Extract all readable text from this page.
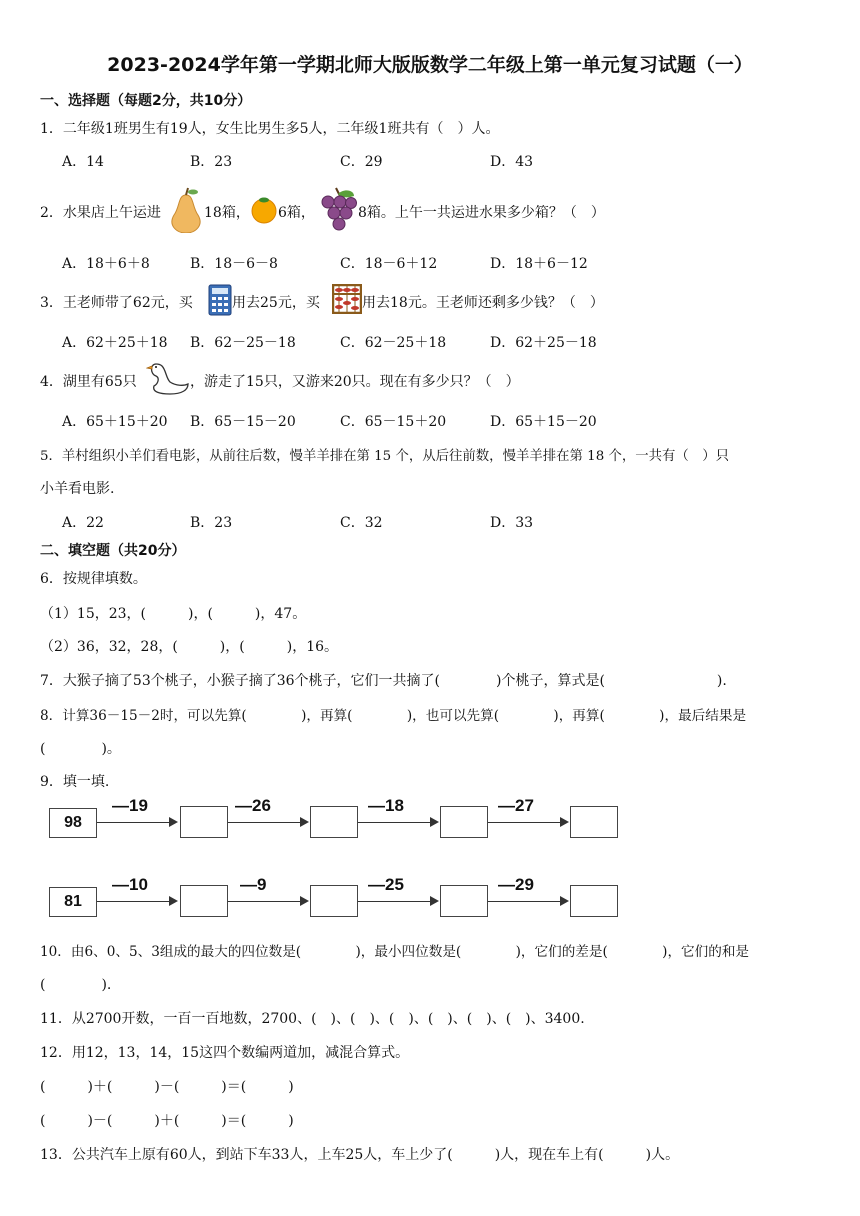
2023-2024学年第一学期北师大版版数学二年级上第一单元复习试题（一）
一、选择题（每题2分，共10分）
1．二年级1班男生有19人，女生比男生多5人，二年级1班共有（　）人。
A．14	B．23	C．29	D．43
2．水果店上午运进	18箱， 6箱，	8箱。上午一共运进水果多少箱？（　）
A．18＋6＋8	B．18－6－8	C．18－6＋12	D．18＋6－12
3．王老师带了62元，买	用去25元，买	用去18元。王老师还剩多少钱？（　）
A．62＋25＋18 B．62－25－18	C．62－25＋18	D．62＋25－18
4．湖里有65只	，游走了15只，又游来20只。现在有多少只？（　）
A．65＋15＋20 B．65－15－20	C．65－15＋20	D．65＋15－20
5．羊村组织小羊们看电影，从前往后数，慢羊羊排在第 15 个，从后往前数，慢羊羊排在第 18 个，一共有（　）只
小羊看电影.
A．22	B．23	C．32	D．33
二、填空题（共20分）
6．按规律填数。
（1）15，23，(　　　)，(　　　)，47。
（2）36，32，28，(　　　)，(　　　)，16。
7．大猴子摘了53个桃子，小猴子摘了36个桃子，它们一共摘了(　　　　)个桃子，算式是(　　　　　　　　).
8．计算36－15－2时，可以先算(　　　　)，再算(　　　　)，也可以先算(　　　　)，再算(　　　　)，最后结果是
(　　　　)。
9．填一填.
98
—19	—26	—18	—27
81
—10	—9	—25	—29
10．由6、0、5、3组成的最大的四位数是(　　　　)，最小四位数是(　　　　)，它们的差是(　　　　)，它们的和是
(　　　　).
11．从2700开数，一百一百地数，2700、(　)、(　)、(　)、(　)、(　)、(　)、3400.
12．用12，13，14，15这四个数编两道加，减混合算式。
(　　　)＋(　　　)－(　　　)＝(　　　)
(　　　)－(　　　)＋(　　　)＝(　　　)
13．公共汽车上原有60人，到站下车33人，上车25人，车上少了(　　　)人，现在车上有(　　　)人。
